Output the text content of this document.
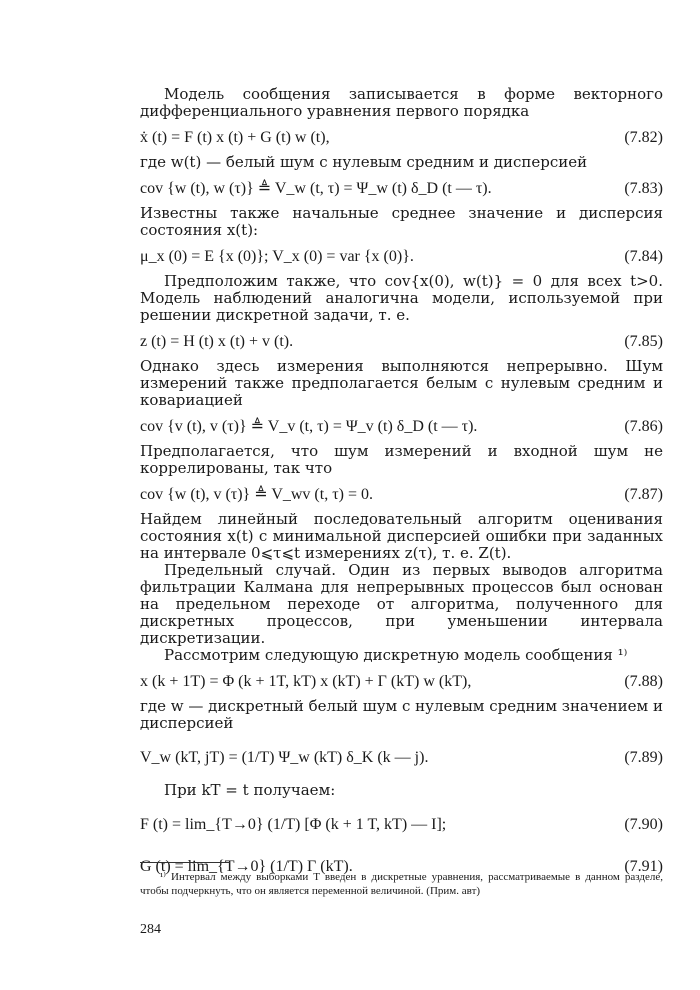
Модель сообщения записывается в форме векторного дифференциального уравнения первого порядка

ẋ (t) = F (t) x (t) + G (t) w (t),	(7.82)

где w(t) — белый шум с нулевым средним и дисперсией

cov {w (t), w (τ)} ≜ V_w (t, τ) = Ψ_w (t) δ_D (t — τ).	(7.83)

Известны также начальные среднее значение и дисперсия состояния x(t):

μ_x (0) = E {x (0)}; V_x (0) = var {x (0)}.	(7.84)

Предположим также, что cov{x(0), w(t)} = 0 для всех t>0. Модель наблюдений аналогична модели, используемой при решении дискретной задачи, т. е.

z (t) = H (t) x (t) + v (t).	(7.85)

Однако здесь измерения выполняются непрерывно. Шум измерений также предполагается белым с нулевым средним и ковариацией

cov {v (t), v (τ)} ≜ V_v (t, τ) = Ψ_v (t) δ_D (t — τ).	(7.86)

Предполагается, что шум измерений и входной шум не коррелированы, так что

cov {w (t), v (τ)} ≜ V_wv (t, τ) = 0.	(7.87)

Найдем линейный последовательный алгоритм оценивания состояния x(t) с минимальной дисперсией ошибки при заданных на интервале 0⩽τ⩽t измерениях z(τ), т. е. Z(t).

Предельный случай. Один из первых выводов алгоритма фильтрации Калмана для непрерывных процессов был основан на предельном переходе от алгоритма, полученного для дискретных процессов, при уменьшении интервала дискретизации.

Рассмотрим следующую дискретную модель сообщения ¹⁾

x (k + 1T) = Φ (k + 1T, kT) x (kT) + Γ (kT) w (kT),	(7.88)

где w — дискретный белый шум с нулевым средним значением и дисперсией

V_w (kT, jT) = (1/T) Ψ_w (kT) δ_K (k — j).	(7.89)

При kT = t получаем:

F (t) = lim_{T→0} (1/T) [Φ (k + 1 T, kT) — I];	(7.90)
G (t) = lim_{T→0} (1/T) Γ (kT).	(7.91)
¹⁾ Интервал между выборками T введен в дискретные уравнения, рассматриваемые в данном разделе, чтобы подчеркнуть, что он является переменной величиной. (Прим. авт)
284
